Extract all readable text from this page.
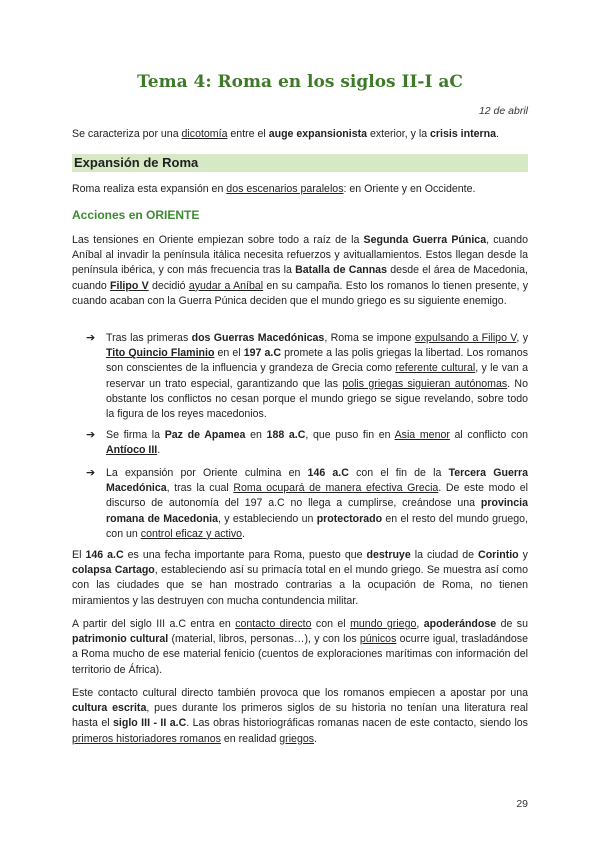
Tema 4: Roma en los siglos II-I aC
12 de abril

Se caracteriza por una dicotomía entre el auge expansionista exterior, y la crisis interna.

Expansión de Roma

Roma realiza esta expansión en dos escenarios paralelos: en Oriente y en Occidente.

Acciones en ORIENTE

Las tensiones en Oriente empiezan sobre todo a raíz de la Segunda Guerra Púnica, cuando Aníbal al invadir la península itálica necesita refuerzos y avituallamientos. Estos llegan desde la península ibérica, y con más frecuencia tras la Batalla de Cannas desde el área de Macedonia, cuando Filipo V decidió ayudar a Aníbal en su campaña. Esto los romanos lo tienen presente, y cuando acaban con la Guerra Púnica deciden que el mundo griego es su siguiente enemigo.

➔	Tras las primeras dos Guerras Macedónicas, Roma se impone expulsando a Filipo V, y Tito Quincio Flaminio en el 197 a.C promete a las polis griegas la libertad. Los romanos son conscientes de la influencia y grandeza de Grecia como referente cultural, y le van a reservar un trato especial, garantizando que las polis griegas siguieran autónomas. No obstante los conflictos no cesan porque el mundo griego se sigue revelando, sobre todo la figura de los reyes macedonios.

➔	Se firma la Paz de Apamea en 188 a.C, que puso fin en Asia menor al conflicto con Antíoco III.

➔	La expansión por Oriente culmina en 146 a.C con el fin de la Tercera Guerra Macedónica, tras la cual Roma ocupará de manera efectiva Grecia. De este modo el discurso de autonomía del 197 a.C no llega a cumplirse, creándose una provincia romana de Macedonia, y estableciendo un protectorado en el resto del mundo gruego, con un control eficaz y activo.

El 146 a.C es una fecha importante para Roma, puesto que destruye la ciudad de Corintio y colapsa Cartago, estableciendo así su primacía total en el mundo griego. Se muestra así como con las ciudades que se han mostrado contrarias a la ocupación de Roma, no tienen miramientos y las destruyen con mucha contundencia militar.

A partir del siglo III a.C entra en contacto directo con el mundo griego, apoderándose de su patrimonio cultural (material, libros, personas…), y con los púnicos ocurre igual, trasladándose a Roma mucho de ese material fenicio (cuentos de exploraciones marítimas con información del territorio de África).

Este contacto cultural directo también provoca que los romanos empiecen a apostar por una cultura escrita, pues durante los primeros siglos de su historia no tenían una literatura real hasta el siglo III - II a.C. Las obras historiográficas romanas nacen de este contacto, siendo los primeros historiadores romanos en realidad griegos.

29
